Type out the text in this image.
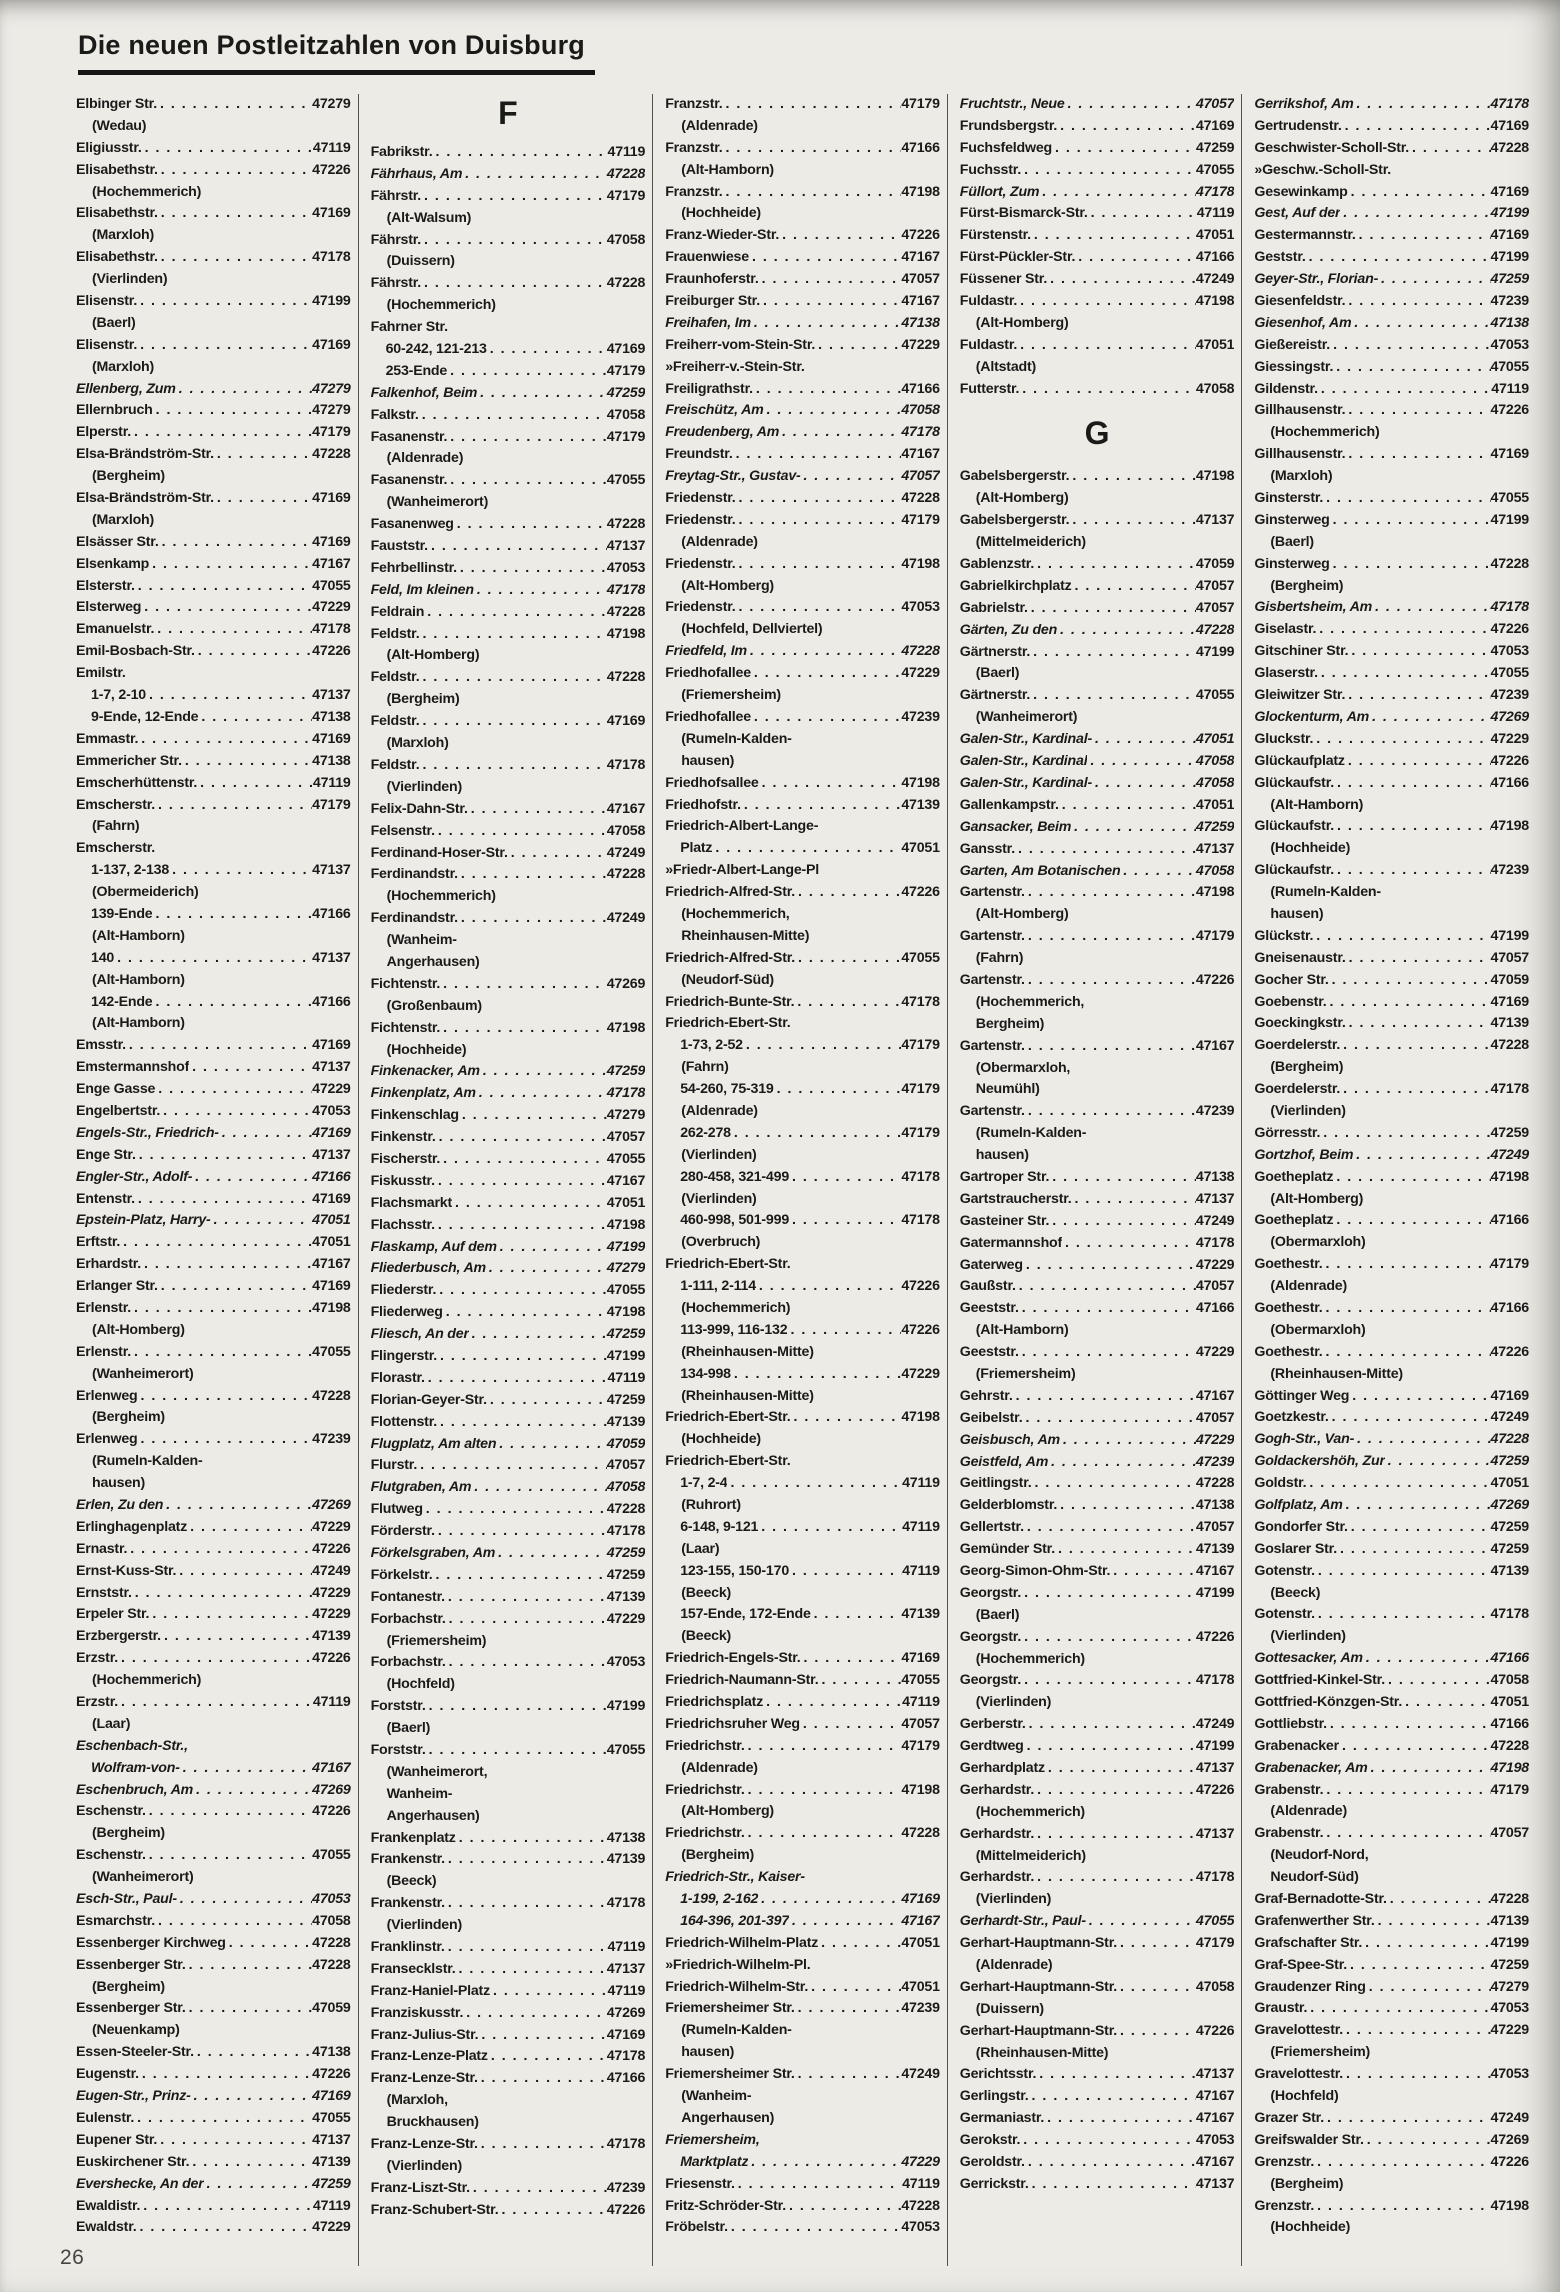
Die neuen Postleitzahlen von Duisburg
Elbinger Str. . . .	47279
(Wedau)
Eligiusstr. . . .	47119
Elisabethstr. . . .	47226
(Hochemmerich)
Elisabethstr. . . .	47169
(Marxloh)
Elisabethstr. . . .	47178
(Vierlinden)
Elisenstr. . . .	47199
(Baerl)
Elisenstr. . . .	47169
(Marxloh)
Ellenberg, Zum . . .	47279
Ellernbruch . . .	47279
Elperstr. . . .	47179
Elsa-Brändström-Str. . . .	47228
(Bergheim)
Elsa-Brändström-Str. . . .	47169
(Marxloh)
Elsässer Str. . . .	47169
Elsenkamp . . .	47167
Elsterstr. . . .	47055
Elsterweg . . .	47229
Emanuelstr. . . .	47178
Emil-Bosbach-Str. . . .	47226
Emilstr.
1-7, 2-10 . . .	47137
9-Ende, 12-Ende . . .	47138
Emmastr. . . .	47169
Emmericher Str. . . .	47138
Emscherhüttenstr. . . .	47119
Emscherstr. . . .	47179
(Fahrn)
Emscherstr.
1-137, 2-138 . . .	47137
(Obermeiderich)
139-Ende . . .	47166
(Alt-Hamborn)
140 . . .	47137
(Alt-Hamborn)
142-Ende . . .	47166
(Alt-Hamborn)
Emsstr. . . .	47169
Emstermannshof . . .	47137
Enge Gasse . . .	47229
Engelbertstr. . . .	47053
Engels-Str., Friedrich- . . .	47169
Enge Str. . . .	47137
Engler-Str., Adolf- . . .	47166
Entenstr. . . .	47169
Epstein-Platz, Harry- . . .	47051
Erftstr. . . .	47051
Erhardstr. . . .	47167
Erlanger Str. . . .	47169
Erlenstr. . . .	47198
(Alt-Homberg)
Erlenstr. . . .	47055
(Wanheimerort)
Erlenweg . . .	47228
(Bergheim)
Erlenweg . . .	47239
(Rumeln-Kalden-
hausen)
Erlen, Zu den . . .	47269
Erlinghagenplatz . . .	47229
Ernastr. . . .	47226
Ernst-Kuss-Str. . . .	47249
Ernststr. . . .	47229
Erpeler Str. . . .	47229
Erzbergerstr. . . .	47139
Erzstr. . . .	47226
(Hochemmerich)
Erzstr. . . .	47119
(Laar)
Eschenbach-Str.,
Wolfram-von- . . .	47167
Eschenbruch, Am . . .	47269
Eschenstr. . . .	47226
(Bergheim)
Eschenstr. . . .	47055
(Wanheimerort)
Esch-Str., Paul- . . .	47053
Esmarchstr. . . .	47058
Essenberger Kirchweg . . .	47228
Essenberger Str. . . .	47228
(Bergheim)
Essenberger Str. . . .	47059
(Neuenkamp)
Essen-Steeler-Str. . . .	47138
Eugenstr. . . .	47226
Eugen-Str., Prinz- . . .	47169
Eulenstr. . . .	47055
Eupener Str. . . .	47137
Euskirchener Str. . . .	47139
Evershecke, An der . . .	47259
Ewaldistr. . . .	47119
Ewaldstr. . . .	47229
F
Fabrikstr. . . .	47119
Fährhaus, Am . . .	47228
Fährstr. . . .	47179
(Alt-Walsum)
Fährstr. . . .	47058
(Duissern)
Fährstr. . . .	47228
(Hochemmerich)
Fahrner Str.
60-242, 121-213 . . .	47169
253-Ende . . .	47179
Falkenhof, Beim . . .	47259
Falkstr. . . .	47058
Fasanenstr. . . .	47179
(Aldenrade)
Fasanenstr. . . .	47055
(Wanheimerort)
Fasanenweg . . .	47228
Fauststr. . . .	47137
Fehrbellinstr. . . .	47053
Feld, Im kleinen . . .	47178
Feldrain . . .	47228
Feldstr. . . .	47198
(Alt-Homberg)
Feldstr. . . .	47228
(Bergheim)
Feldstr. . . .	47169
(Marxloh)
Feldstr. . . .	47178
(Vierlinden)
Felix-Dahn-Str. . . .	47167
Felsenstr. . . .	47058
Ferdinand-Hoser-Str. . . .	47249
Ferdinandstr. . . .	47228
(Hochemmerich)
Ferdinandstr. . . .	47249
(Wanheim-
Angerhausen)
Fichtenstr. . . .	47269
(Großenbaum)
Fichtenstr. . . .	47198
(Hochheide)
Finkenacker, Am . . .	47259
Finkenplatz, Am . . .	47178
Finkenschlag . . .	47279
Finkenstr. . . .	47057
Fischerstr. . . .	47055
Fiskusstr. . . .	47167
Flachsmarkt . . .	47051
Flachsstr. . . .	47198
Flaskamp, Auf dem . . .	47199
Fliederbusch, Am . . .	47279
Fliederstr. . . .	47055
Fliederweg . . .	47198
Fliesch, An der . . .	47259
Flingerstr. . . .	47199
Florastr. . . .	47119
Florian-Geyer-Str. . . .	47259
Flottenstr. . . .	47139
Flugplatz, Am alten . . .	47059
Flurstr. . . .	47057
Flutgraben, Am . . .	47058
Flutweg . . .	47228
Förderstr. . . .	47178
Förkelsgraben, Am . . .	47259
Förkelstr. . . .	47259
Fontanestr. . . .	47139
Forbachstr. . . .	47229
(Friemersheim)
Forbachstr. . . .	47053
(Hochfeld)
Forststr. . . .	47199
(Baerl)
Forststr. . . .	47055
(Wanheimerort,
Wanheim-
Angerhausen)
Frankenplatz . . .	47138
Frankenstr. . . .	47139
(Beeck)
Frankenstr. . . .	47178
(Vierlinden)
Franklinstr. . . .	47119
Fransecklstr. . . .	47137
Franz-Haniel-Platz . . .	47119
Franziskusstr. . . .	47269
Franz-Julius-Str. . . .	47169
Franz-Lenze-Platz . . .	47178
Franz-Lenze-Str. . . .	47166
(Marxloh,
Bruckhausen)
Franz-Lenze-Str. . . .	47178
(Vierlinden)
Franz-Liszt-Str. . . .	47239
Franz-Schubert-Str. . . .	47226
Franzstr. . . .	47179
(Aldenrade)
Franzstr. . . .	47166
(Alt-Hamborn)
Franzstr. . . .	47198
(Hochheide)
Franz-Wieder-Str. . . .	47226
Frauenwiese . . .	47167
Fraunhoferstr. . . .	47057
Freiburger Str. . . .	47167
Freihafen, Im . . .	47138
Freiherr-vom-Stein-Str. . . .	47229
»Freiherr-v.-Stein-Str.
Freiligrathstr. . . .	47166
Freischütz, Am . . .	47058
Freudenberg, Am . . .	47178
Freundstr. . . .	47167
Freytag-Str., Gustav- . . .	47057
Friedenstr. . . .	47228
Friedenstr. . . .	47179
(Aldenrade)
Friedenstr. . . .	47198
(Alt-Homberg)
Friedenstr. . . .	47053
(Hochfeld, Dellviertel)
Friedfeld, Im . . .	47228
Friedhofallee . . .	47229
(Friemersheim)
Friedhofallee . . .	47239
(Rumeln-Kalden-
hausen)
Friedhofsallee . . .	47198
Friedhofstr. . . .	47139
Friedrich-Albert-Lange-
Platz . . .	47051
»Friedr-Albert-Lange-Pl
Friedrich-Alfred-Str. . . .	47226
(Hochemmerich,
Rheinhausen-Mitte)
Friedrich-Alfred-Str. . . .	47055
(Neudorf-Süd)
Friedrich-Bunte-Str. . . .	47178
Friedrich-Ebert-Str.
1-73, 2-52 . . .	47179
(Fahrn)
54-260, 75-319 . . .	47179
(Aldenrade)
262-278 . . .	47179
(Vierlinden)
280-458, 321-499 . . .	47178
(Vierlinden)
460-998, 501-999 . . .	47178
(Overbruch)
Friedrich-Ebert-Str.
1-111, 2-114 . . .	47226
(Hochemmerich)
113-999, 116-132 . . .	47226
(Rheinhausen-Mitte)
134-998 . . .	47229
(Rheinhausen-Mitte)
Friedrich-Ebert-Str. . . .	47198
(Hochheide)
Friedrich-Ebert-Str.
1-7, 2-4 . . .	47119
(Ruhrort)
6-148, 9-121 . . .	47119
(Laar)
123-155, 150-170 . . .	47119
(Beeck)
157-Ende, 172-Ende . . .	47139
(Beeck)
Friedrich-Engels-Str. . . .	47169
Friedrich-Naumann-Str. . . .	47055
Friedrichsplatz . . .	47119
Friedrichsruher Weg . . .	47057
Friedrichstr. . . .	47179
(Aldenrade)
Friedrichstr. . . .	47198
(Alt-Homberg)
Friedrichstr. . . .	47228
(Bergheim)
Friedrich-Str., Kaiser-
1-199, 2-162 . . .	47169
164-396, 201-397 . . .	47167
Friedrich-Wilhelm-Platz . . .	47051
»Friedrich-Wilhelm-Pl.
Friedrich-Wilhelm-Str. . . .	47051
Friemersheimer Str. . . .	47239
(Rumeln-Kalden-
hausen)
Friemersheimer Str. . . .	47249
(Wanheim-
Angerhausen)
Friemersheim,
Marktplatz . . .	47229
Friesenstr. . . .	47119
Fritz-Schröder-Str. . . .	47228
Fröbelstr. . . .	47053
Fruchtstr., Neue . . .	47057
Frundsbergstr. . . .	47169
Fuchsfeldweg . . .	47259
Fuchsstr. . . .	47055
Füllort, Zum . . .	47178
Fürst-Bismarck-Str. . . .	47119
Fürstenstr. . . .	47051
Fürst-Pückler-Str. . . .	47166
Füssener Str. . . .	47249
Fuldastr. . . .	47198
(Alt-Homberg)
Fuldastr. . . .	47051
(Altstadt)
Futterstr. . . .	47058
G
Gabelsbergerstr. . . .	47198
(Alt-Homberg)
Gabelsbergerstr. . . .	47137
(Mittelmeiderich)
Gablenzstr. . . .	47059
Gabrielkirchplatz . . .	47057
Gabrielstr. . . .	47057
Gärten, Zu den . . .	47228
Gärtnerstr. . . .	47199
(Baerl)
Gärtnerstr. . . .	47055
(Wanheimerort)
Galen-Str., Kardinal- . . .	47051
Galen-Str., Kardinal . . .	47058
Galen-Str., Kardinal- . . .	47058
Gallenkampstr. . . .	47051
Gansacker, Beim . . .	47259
Gansstr. . . .	47137
Garten, Am Botanischen . . .	47058
Gartenstr. . . .	47198
(Alt-Homberg)
Gartenstr. . . .	47179
(Fahrn)
Gartenstr. . . .	47226
(Hochemmerich,
Bergheim)
Gartenstr. . . .	47167
(Obermarxloh,
Neumühl)
Gartenstr. . . .	47239
(Rumeln-Kalden-
hausen)
Gartroper Str. . . .	47138
Gartstraucherstr. . . .	47137
Gasteiner Str. . . .	47249
Gatermannshof . . .	47178
Gaterweg . . .	47229
Gaußstr. . . .	47057
Geeststr. . . .	47166
(Alt-Hamborn)
Geeststr. . . .	47229
(Friemersheim)
Gehrstr. . . .	47167
Geibelstr. . . .	47057
Geisbusch, Am . . .	47229
Geistfeld, Am . . .	47239
Geitlingstr. . . .	47228
Gelderblomstr. . . .	47138
Gellertstr. . . .	47057
Gemünder Str. . . .	47139
Georg-Simon-Ohm-Str. . . .	47167
Georgstr. . . .	47199
(Baerl)
Georgstr. . . .	47226
(Hochemmerich)
Georgstr. . . .	47178
(Vierlinden)
Gerberstr. . . .	47249
Gerdtweg . . .	47199
Gerhardplatz . . .	47137
Gerhardstr. . . .	47226
(Hochemmerich)
Gerhardstr. . . .	47137
(Mittelmeiderich)
Gerhardstr. . . .	47178
(Vierlinden)
Gerhardt-Str., Paul- . . .	47055
Gerhart-Hauptmann-Str. . . .	47179
(Aldenrade)
Gerhart-Hauptmann-Str. . . .	47058
(Duissern)
Gerhart-Hauptmann-Str. . . .	47226
(Rheinhausen-Mitte)
Gerichtsstr. . . .	47137
Gerlingstr. . . .	47167
Germaniastr. . . .	47167
Gerokstr. . . .	47053
Geroldstr. . . .	47167
Gerrickstr. . . .	47137
Gerrikshof, Am . . .	47178
Gertrudenstr. . . .	47169
Geschwister-Scholl-Str. . . .	47228
»Geschw.-Scholl-Str.
Gesewinkamp . . .	47169
Gest, Auf der . . .	47199
Gestermannstr. . . .	47169
Geststr. . . .	47199
Geyer-Str., Florian- . . .	47259
Giesenfeldstr. . . .	47239
Giesenhof, Am . . .	47138
Gießereistr. . . .	47053
Giessingstr. . . .	47055
Gildenstr. . . .	47119
Gillhausenstr. . . .	47226
(Hochemmerich)
Gillhausenstr. . . .	47169
(Marxloh)
Ginsterstr. . . .	47055
Ginsterweg . . .	47199
(Baerl)
Ginsterweg . . .	47228
(Bergheim)
Gisbertsheim, Am . . .	47178
Giselastr. . . .	47226
Gitschiner Str. . . .	47053
Glaserstr. . . .	47055
Gleiwitzer Str. . . .	47239
Glockenturm, Am . . .	47269
Gluckstr. . . .	47229
Glückaufplatz . . .	47226
Glückaufstr. . . .	47166
(Alt-Hamborn)
Glückaufstr. . . .	47198
(Hochheide)
Glückaufstr. . . .	47239
(Rumeln-Kalden-
hausen)
Glückstr. . . .	47199
Gneisenaustr. . . .	47057
Gocher Str. . . .	47059
Goebenstr. . . .	47169
Goeckingkstr. . . .	47139
Goerdelerstr. . . .	47228
(Bergheim)
Goerdelerstr. . . .	47178
(Vierlinden)
Görresstr. . . .	47259
Gortzhof, Beim . . .	47249
Goetheplatz . . .	47198
(Alt-Homberg)
Goetheplatz . . .	47166
(Obermarxloh)
Goethestr. . . .	47179
(Aldenrade)
Goethestr. . . .	47166
(Obermarxloh)
Goethestr. . . .	47226
(Rheinhausen-Mitte)
Göttinger Weg . . .	47169
Goetzkestr. . . .	47249
Gogh-Str., Van- . . .	47228
Goldackershöh, Zur . . .	47259
Goldstr. . . .	47051
Golfplatz, Am . . .	47269
Gondorfer Str. . . .	47259
Goslarer Str. . . .	47259
Gotenstr. . . .	47139
(Beeck)
Gotenstr. . . .	47178
(Vierlinden)
Gottesacker, Am . . .	47166
Gottfried-Kinkel-Str. . . .	47058
Gottfried-Könzgen-Str. . . .	47051
Gottliebstr. . . .	47166
Grabenacker . . .	47228
Grabenacker, Am . . .	47198
Grabenstr. . . .	47179
(Aldenrade)
Grabenstr. . . .	47057
(Neudorf-Nord,
Neudorf-Süd)
Graf-Bernadotte-Str. . . .	47228
Grafenwerther Str. . . .	47139
Grafschafter Str. . . .	47199
Graf-Spee-Str. . . .	47259
Graudenzer Ring . . .	47279
Graustr. . . .	47053
Gravelottestr. . . .	47229
(Friemersheim)
Gravelottestr. . . .	47053
(Hochfeld)
Grazer Str. . . .	47249
Greifswalder Str. . . .	47269
Grenzstr. . . .	47226
(Bergheim)
Grenzstr. . . .	47198
(Hochheide)
26
